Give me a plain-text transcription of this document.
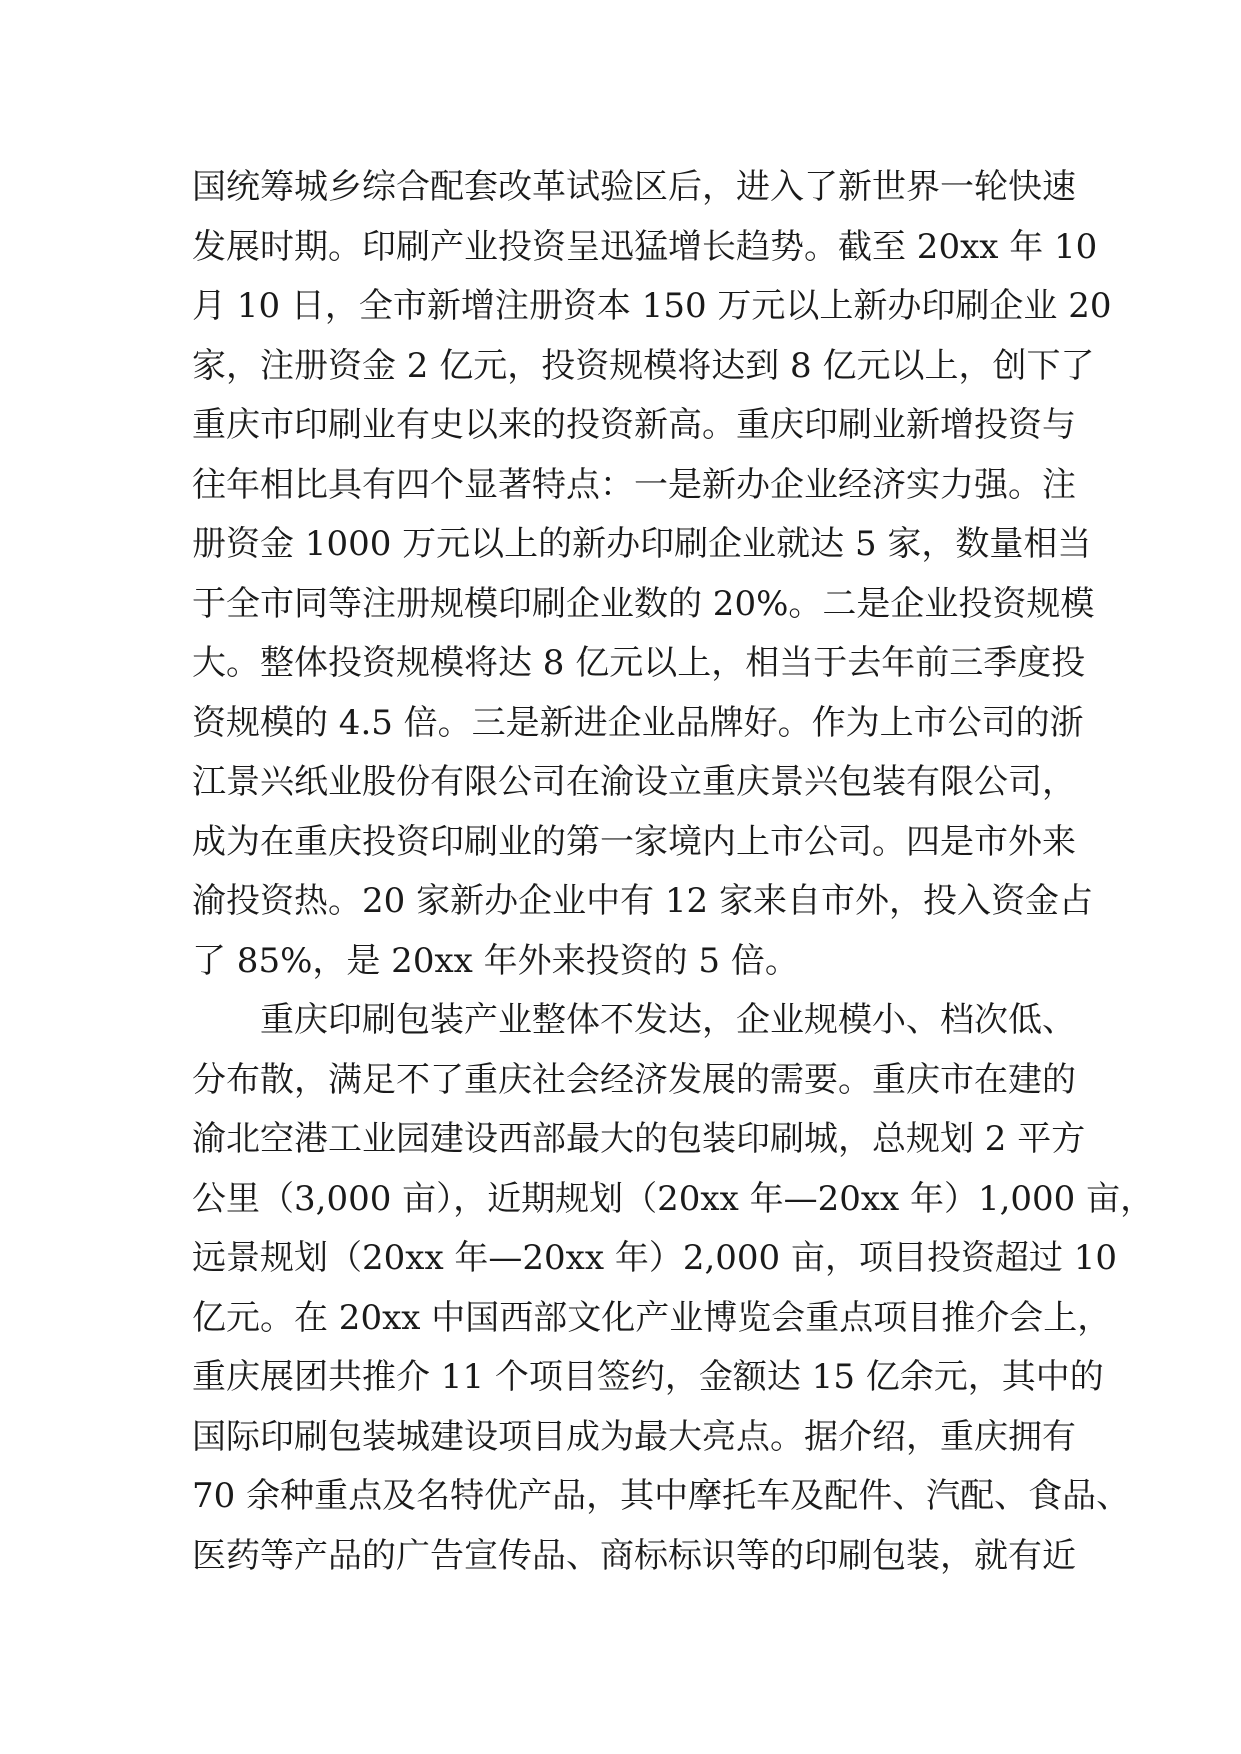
国统筹城乡综合配套改革试验区后，进入了新世界一轮快速
发展时期。印刷产业投资呈迅猛增长趋势。截至 20xx 年 10
月 10 日，全市新增注册资本 150 万元以上新办印刷企业 20
家，注册资金 2 亿元，投资规模将达到 8 亿元以上，创下了
重庆市印刷业有史以来的投资新高。重庆印刷业新增投资与
往年相比具有四个显著特点：一是新办企业经济实力强。注
册资金 1000 万元以上的新办印刷企业就达 5 家，数量相当
于全市同等注册规模印刷企业数的 20%。二是企业投资规模
大。整体投资规模将达 8 亿元以上，相当于去年前三季度投
资规模的 4.5 倍。三是新进企业品牌好。作为上市公司的浙
江景兴纸业股份有限公司在渝设立重庆景兴包装有限公司，
成为在重庆投资印刷业的第一家境内上市公司。四是市外来
渝投资热。20 家新办企业中有 12 家来自市外，投入资金占
了 85%，是 20xx 年外来投资的 5 倍。
重庆印刷包装产业整体不发达，企业规模小、档次低、
分布散，满足不了重庆社会经济发展的需要。重庆市在建的
渝北空港工业园建设西部最大的包装印刷城，总规划 2 平方
公里（3,000 亩），近期规划（20xx 年—20xx 年）1,000 亩，
远景规划（20xx 年—20xx 年）2,000 亩，项目投资超过 10
亿元。在 20xx 中国西部文化产业博览会重点项目推介会上，
重庆展团共推介 11 个项目签约，金额达 15 亿余元，其中的
国际印刷包装城建设项目成为最大亮点。据介绍，重庆拥有
70 余种重点及名特优产品，其中摩托车及配件、汽配、食品、
医药等产品的广告宣传品、商标标识等的印刷包装，就有近
